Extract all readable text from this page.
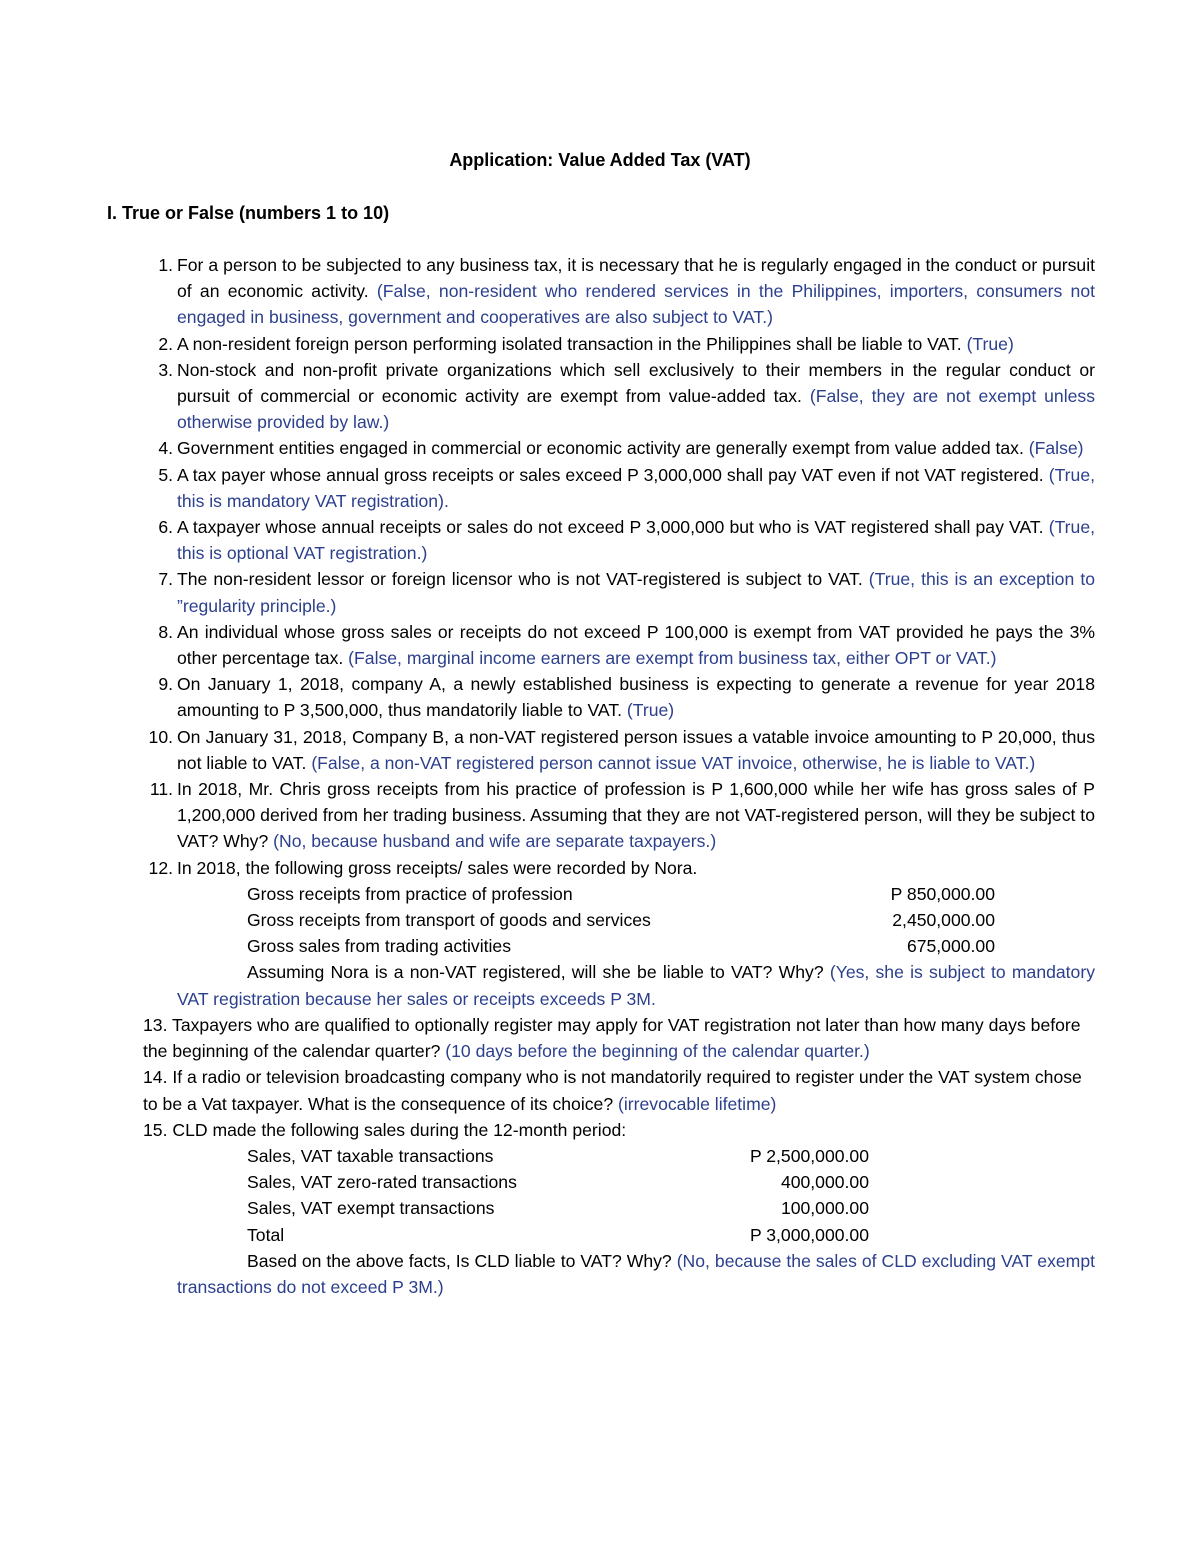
Application: Value Added Tax (VAT)
I. True or False (numbers 1 to 10)
1. For a person to be subjected to any business tax, it is necessary that he is regularly engaged in the conduct or pursuit of an economic activity. (False, non-resident who rendered services in the Philippines, importers, consumers not engaged in business, government and cooperatives are also subject to VAT.)
2. A non-resident foreign person performing isolated transaction in the Philippines shall be liable to VAT. (True)
3. Non-stock and non-profit private organizations which sell exclusively to their members in the regular conduct or pursuit of commercial or economic activity are exempt from value-added tax. (False, they are not exempt unless otherwise provided by law.)
4. Government entities engaged in commercial or economic activity are generally exempt from value added tax. (False)
5. A tax payer whose annual gross receipts or sales exceed P 3,000,000 shall pay VAT even if not VAT registered. (True, this is mandatory VAT registration).
6. A taxpayer whose annual receipts or sales do not exceed P 3,000,000 but who is VAT registered shall pay VAT. (True, this is optional VAT registration.)
7. The non-resident lessor or foreign licensor who is not VAT-registered is subject to VAT. (True, this is an exception to ”regularity principle.)
8. An individual whose gross sales or receipts do not exceed P 100,000 is exempt from VAT provided he pays the 3% other percentage tax. (False, marginal income earners are exempt from business tax, either OPT or VAT.)
9. On January 1, 2018, company A, a newly established business is expecting to generate a revenue for year 2018 amounting to P 3,500,000, thus mandatorily liable to VAT. (True)
10. On January 31, 2018, Company B, a non-VAT registered person issues a vatable invoice amounting to P 20,000, thus not liable to VAT. (False, a non-VAT registered person cannot issue VAT invoice, otherwise, he is liable to VAT.)
11. In 2018, Mr. Chris gross receipts from his practice of profession is P 1,600,000 while her wife has gross sales of P 1,200,000 derived from her trading business. Assuming that they are not VAT-registered person, will they be subject to VAT? Why? (No, because husband and wife are separate taxpayers.)
12. In 2018, the following gross receipts/ sales were recorded by Nora.
Gross receipts from practice of profession	P 850,000.00
Gross receipts from transport of goods and services	2,450,000.00
Gross sales from trading activities	675,000.00
Assuming Nora is a non-VAT registered, will she be liable to VAT? Why? (Yes, she is subject to mandatory VAT registration because her sales or receipts exceeds P 3M.
13. Taxpayers who are qualified to optionally register may apply for VAT registration not later than how many days before the beginning of the calendar quarter? (10 days before the beginning of the calendar quarter.)
14. If a radio or television broadcasting company who is not mandatorily required to register under the VAT system chose to be a Vat taxpayer. What is the consequence of its choice? (irrevocable lifetime)
15. CLD made the following sales during the 12-month period:
Sales, VAT taxable transactions	P 2,500,000.00
Sales, VAT zero-rated transactions	400,000.00
Sales, VAT exempt transactions	100,000.00
Total	P 3,000,000.00
Based on the above facts, Is CLD liable to VAT? Why? (No, because the sales of CLD excluding VAT exempt transactions do not exceed P 3M.)
